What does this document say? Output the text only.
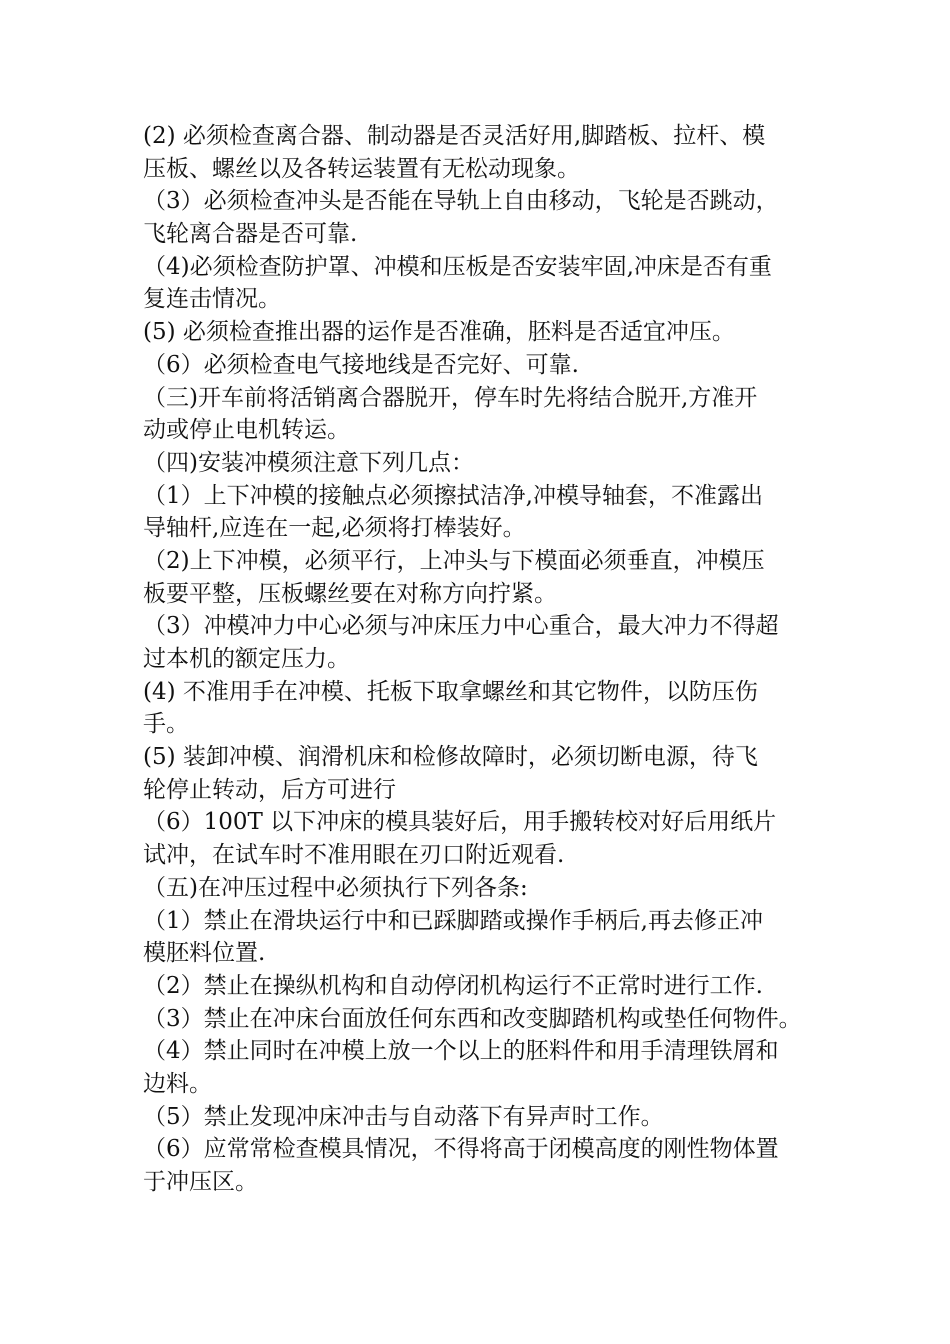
(2) 必须检查离合器、制动器是否灵活好用,脚踏板、拉杆、模
压板、螺丝以及各转运装置有无松动现象。
（3）必须检查冲头是否能在导轨上自由移动，飞轮是否跳动，
飞轮离合器是否可靠.
（4)必须检查防护罩、冲模和压板是否安装牢固,冲床是否有重
复连击情况。
(5) 必须检查推出器的运作是否准确，胚料是否适宜冲压。
（6）必须检查电气接地线是否完好、可靠.
（三)开车前将活销离合器脱开，停车时先将结合脱开,方准开
动或停止电机转运。
（四)安装冲模须注意下列几点：
（1）上下冲模的接触点必须擦拭洁净,冲模导轴套，不准露出
导轴杆,应连在一起,必须将打棒装好。
（2)上下冲模，必须平行，上冲头与下模面必须垂直，冲模压
板要平整，压板螺丝要在对称方向拧紧。
（3）冲模冲力中心必须与冲床压力中心重合，最大冲力不得超
过本机的额定压力。
(4) 不准用手在冲模、托板下取拿螺丝和其它物件，以防压伤
手。
(5) 装卸冲模、润滑机床和检修故障时，必须切断电源，待飞
轮停止转动，后方可进行
（6）100T 以下冲床的模具装好后，用手搬转校对好后用纸片
试冲，在试车时不准用眼在刃口附近观看.
（五)在冲压过程中必须执行下列各条:
（1）禁止在滑块运行中和已踩脚踏或操作手柄后,再去修正冲
模胚料位置.
（2）禁止在操纵机构和自动停闭机构运行不正常时进行工作.
（3）禁止在冲床台面放任何东西和改变脚踏机构或垫任何物件。
（4）禁止同时在冲模上放一个以上的胚料件和用手清理铁屑和
边料。
（5）禁止发现冲床冲击与自动落下有异声时工作。
（6）应常常检查模具情况，不得将高于闭模高度的刚性物体置
于冲压区。
